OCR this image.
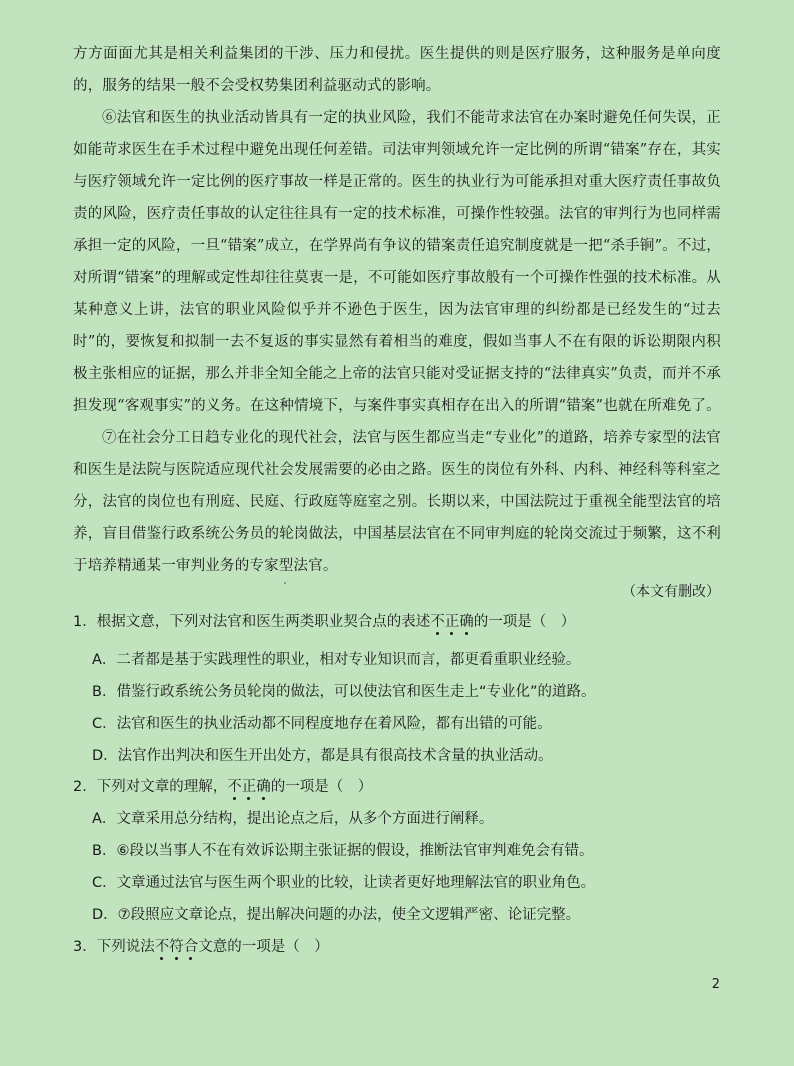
方方面面尤其是相关利益集团的干涉、压力和侵扰。医生提供的则是医疗服务，这种服务是单向度的，服务的结果一般不会受权势集团利益驱动式的影响。

⑥法官和医生的执业活动皆具有一定的执业风险，我们不能苛求法官在办案时避免任何失误，正如能苛求医生在手术过程中避免出现任何差错。司法审判领域允许一定比例的所谓“错案”存在，其实与医疗领域允许一定比例的医疗事故一样是正常的。医生的执业行为可能承担对重大医疗责任事故负责的风险，医疗责任事故的认定往往具有一定的技术标准，可操作性较强。法官的审判行为也同样需承担一定的风险，一旦“错案”成立，在学界尚有争议的错案责任追究制度就是一把“杀手锏”。不过，对所谓“错案”的理解或定性却往往莫衷一是，不可能如医疗事故般有一个可操作性强的技术标准。从某种意义上讲，法官的职业风险似乎并不逊色于医生，因为法官审理的纠纷都是已经发生的“过去时”的，要恢复和拟制一去不复返的事实显然有着相当的难度，假如当事人不在有限的诉讼期限内积极主张相应的证据，那么并非全知全能之上帝的法官只能对受证据支持的“法律真实”负责，而并不承担发现“客观事实”的义务。在这种情境下，与案件事实真相存在出入的所谓“错案”也就在所难免了。

⑦在社会分工日趋专业化的现代社会，法官与医生都应当走“专业化”的道路，培养专家型的法官和医生是法院与医院适应现代社会发展需要的必由之路。医生的岗位有外科、内科、神经科等科室之分，法官的岗位也有刑庭、民庭、行政庭等庭室之别。长期以来，中国法院过于重视全能型法官的培养，盲目借鉴行政系统公务员的轮岗做法，中国基层法官在不同审判庭的轮岗交流过于频繁，这不利于培养精通某一审判业务的专家型法官。

（本文有删改）
1．根据文意，下列对法官和医生两类职业契合点的表述不正确的一项是（　）
A．二者都是基于实践理性的职业，相对专业知识而言，都更看重职业经验。
B．借鉴行政系统公务员轮岗的做法，可以使法官和医生走上“专业化”的道路。
C．法官和医生的执业活动都不同程度地存在着风险，都有出错的可能。
D．法官作出判决和医生开出处方，都是具有很高技术含量的执业活动。
2．下列对文章的理解，不正确的一项是（　）
A．文章采用总分结构，提出论点之后，从多个方面进行阐释。
B．⑥段以当事人不在有效诉讼期主张证据的假设，推断法官审判难免会有错。
C．文章通过法官与医生两个职业的比较，让读者更好地理解法官的职业角色。
D．⑦段照应文章论点，提出解决问题的办法，使全文逻辑严密、论证完整。
3．下列说法不符合文意的一项是（　）
2
